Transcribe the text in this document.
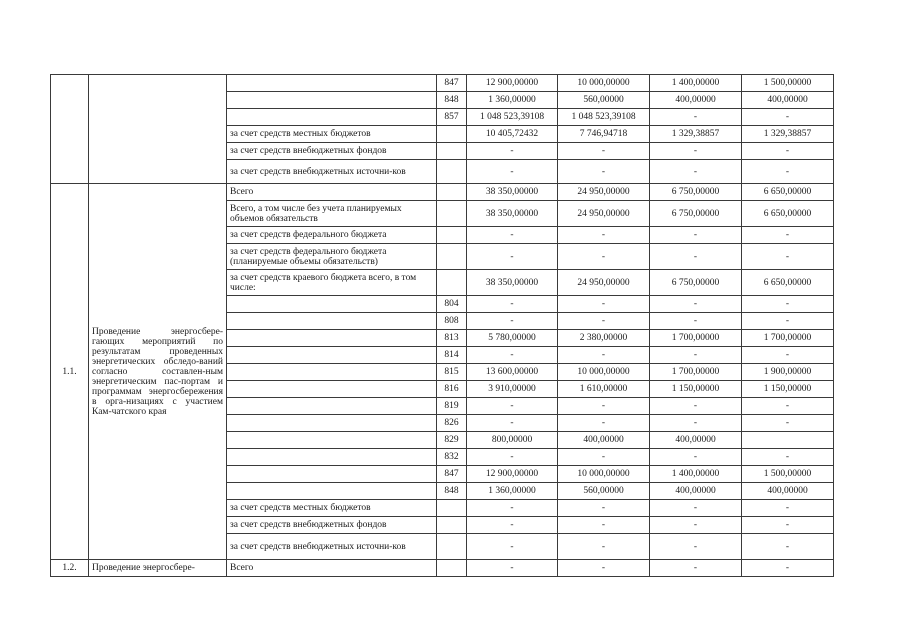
			847	12 900,00000	10 000,00000	1 400,00000	1 500,00000
			848	1 360,00000	560,00000	400,00000	400,00000
			857	1 048 523,39108	1 048 523,39108	-	-
		за счет средств местных бюджетов		10 405,72432	7 746,94718	1 329,38857	1 329,38857
		за счет средств внебюджетных фондов		-	-	-	-
		за счет средств внебюджетных источни-ков		-	-	-	-
1.1.	Проведение энергосбере-гающих мероприятий по результатам проведенных энергетических обследо-ваний согласно составлен-ным энергетическим пас-портам и программам энергосбережения в орга-низациях с участием Кам-чатского края	Всего		38 350,00000	24 950,00000	6 750,00000	6 650,00000
		Всего, а том числе без учета планируемых объемов обязательств		38 350,00000	24 950,00000	6 750,00000	6 650,00000
		за счет средств федерального бюджета		-	-	-	-
		за счет средств федерального бюджета (планируемые объемы обязательств)		-	-	-	-
		за счет средств краевого бюджета всего, в том числе:		38 350,00000	24 950,00000	6 750,00000	6 650,00000
			804	-	-	-	-
			808	-	-	-	-
			813	5 780,00000	2 380,00000	1 700,00000	1 700,00000
			814	-	-	-	-
			815	13 600,00000	10 000,00000	1 700,00000	1 900,00000
			816	3 910,00000	1 610,00000	1 150,00000	1 150,00000
			819	-	-	-	-
			826	-	-	-	-
			829	800,00000	400,00000	400,00000	
			832	-	-	-	-
			847	12 900,00000	10 000,00000	1 400,00000	1 500,00000
			848	1 360,00000	560,00000	400,00000	400,00000
		за счет средств местных бюджетов		-	-	-	-
		за счет средств внебюджетных фондов		-	-	-	-
		за счет средств внебюджетных источни-ков		-	-	-	-
1.2.	Проведение энергосбере-	Всего		-	-	-	-
